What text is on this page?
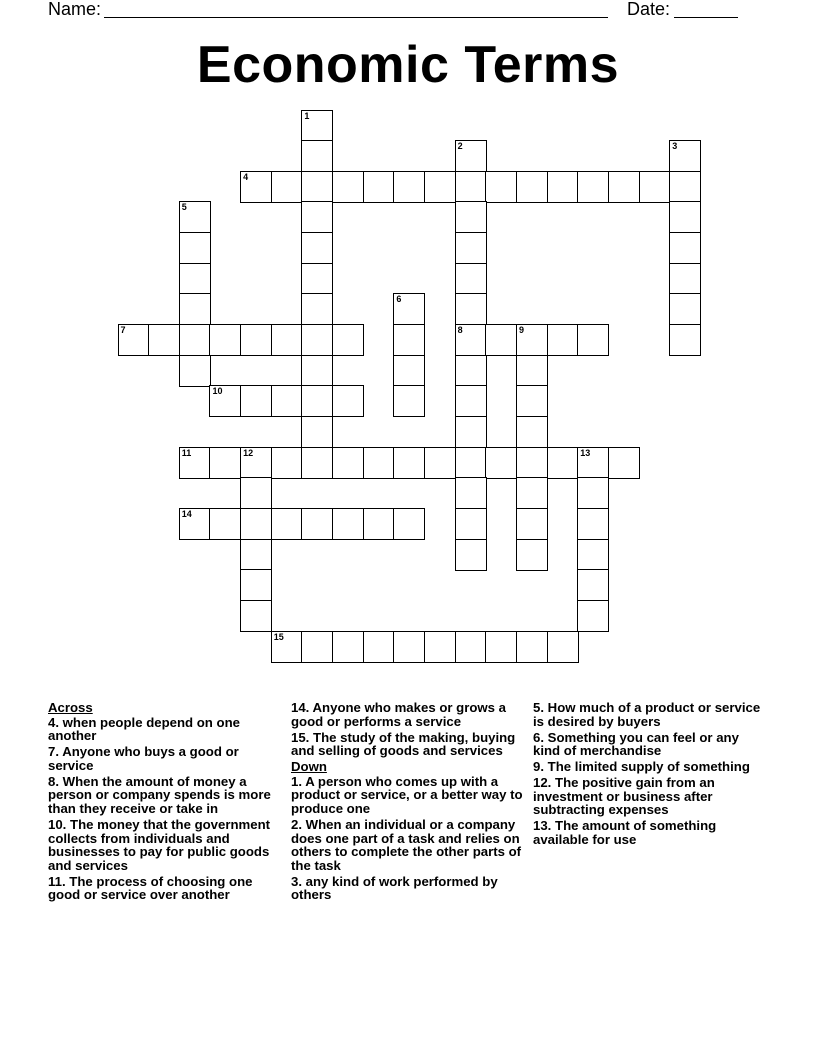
Name:	Date:
Economic Terms
1
2	3
4
5
6
7	8	9
10
11	12	13
14
15
Across
4. when people depend on one another
7. Anyone who buys a good or service
8. When the amount of money a person or company spends is more than they receive or take in
10. The money that the government collects from individuals and businesses to pay for public goods and services
11. The process of choosing one good or service over another
14. Anyone who makes or grows a good or performs a service
15. The study of the making, buying and selling of goods and services
Down
1. A person who comes up with a product or service, or a better way to produce one
2. When an individual or a company does one part of a task and relies on others to complete the other parts of the task
3. any kind of work performed by others
5. How much of a product or service is desired by buyers
6. Something you can feel or any kind of merchandise
9. The limited supply of something
12. The positive gain from an investment or business after subtracting expenses
13. The amount of something available for use
